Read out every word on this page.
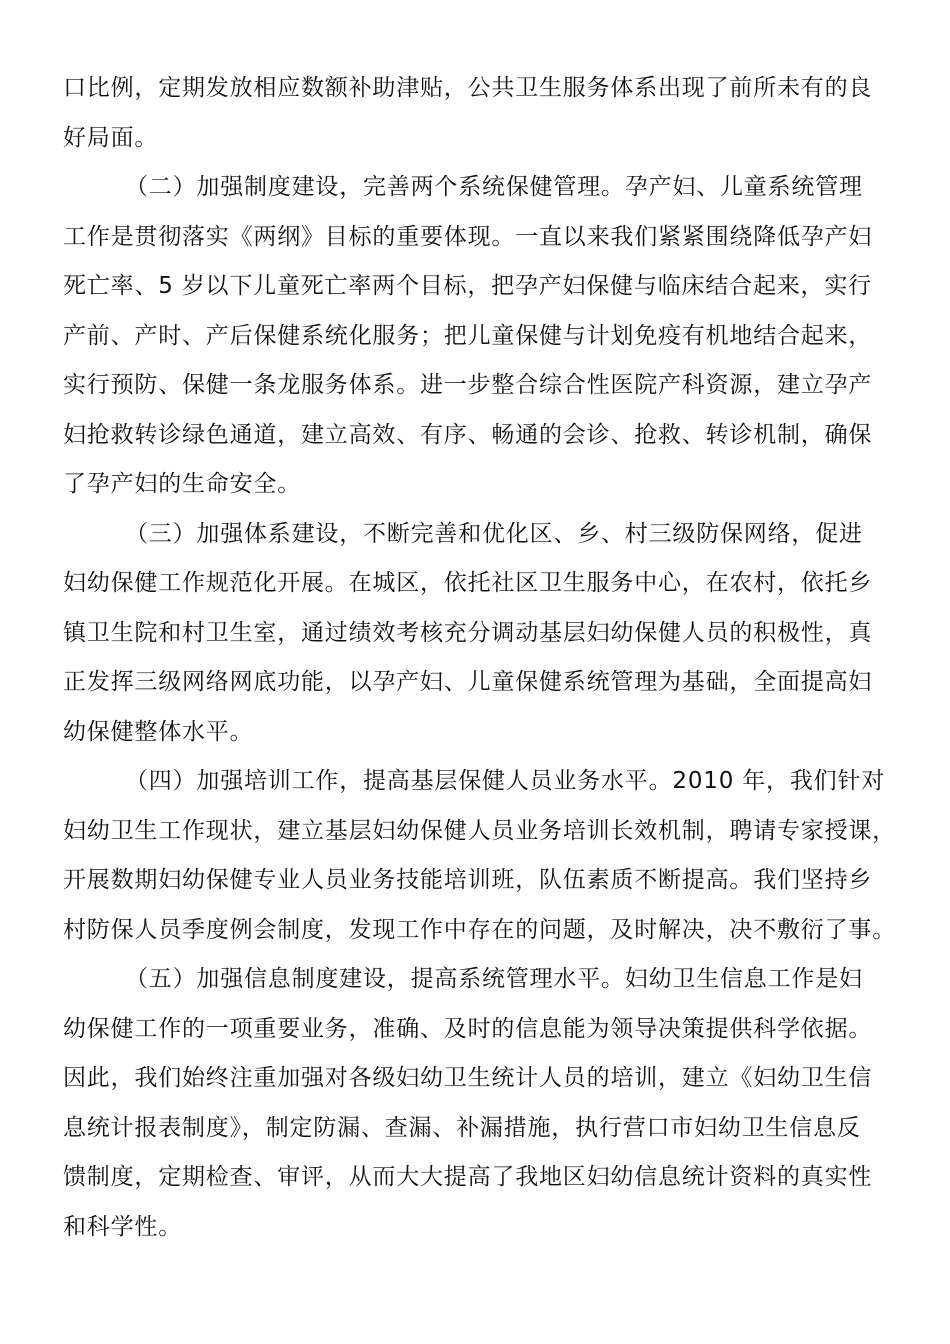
口比例，定期发放相应数额补助津贴，公共卫生服务体系出现了前所未有的良
好局面。

（二）加强制度建设，完善两个系统保健管理。孕产妇、儿童系统管理
工作是贯彻落实《两纲》目标的重要体现。一直以来我们紧紧围绕降低孕产妇
死亡率、5 岁以下儿童死亡率两个目标，把孕产妇保健与临床结合起来，实行
产前、产时、产后保健系统化服务；把儿童保健与计划免疫有机地结合起来，
实行预防、保健一条龙服务体系。进一步整合综合性医院产科资源，建立孕产
妇抢救转诊绿色通道，建立高效、有序、畅通的会诊、抢救、转诊机制，确保
了孕产妇的生命安全。

（三）加强体系建设，不断完善和优化区、乡、村三级防保网络，促进
妇幼保健工作规范化开展。在城区，依托社区卫生服务中心，在农村，依托乡
镇卫生院和村卫生室，通过绩效考核充分调动基层妇幼保健人员的积极性，真
正发挥三级网络网底功能，以孕产妇、儿童保健系统管理为基础，全面提高妇
幼保健整体水平。

（四）加强培训工作，提高基层保健人员业务水平。2010 年，我们针对
妇幼卫生工作现状，建立基层妇幼保健人员业务培训长效机制，聘请专家授课，
开展数期妇幼保健专业人员业务技能培训班，队伍素质不断提高。我们坚持乡
村防保人员季度例会制度，发现工作中存在的问题，及时解决，决不敷衍了事。

（五）加强信息制度建设，提高系统管理水平。妇幼卫生信息工作是妇
幼保健工作的一项重要业务，准确、及时的信息能为领导决策提供科学依据。
因此，我们始终注重加强对各级妇幼卫生统计人员的培训，建立《妇幼卫生信
息统计报表制度》，制定防漏、查漏、补漏措施，执行营口市妇幼卫生信息反
馈制度，定期检查、审评，从而大大提高了我地区妇幼信息统计资料的真实性
和科学性。
